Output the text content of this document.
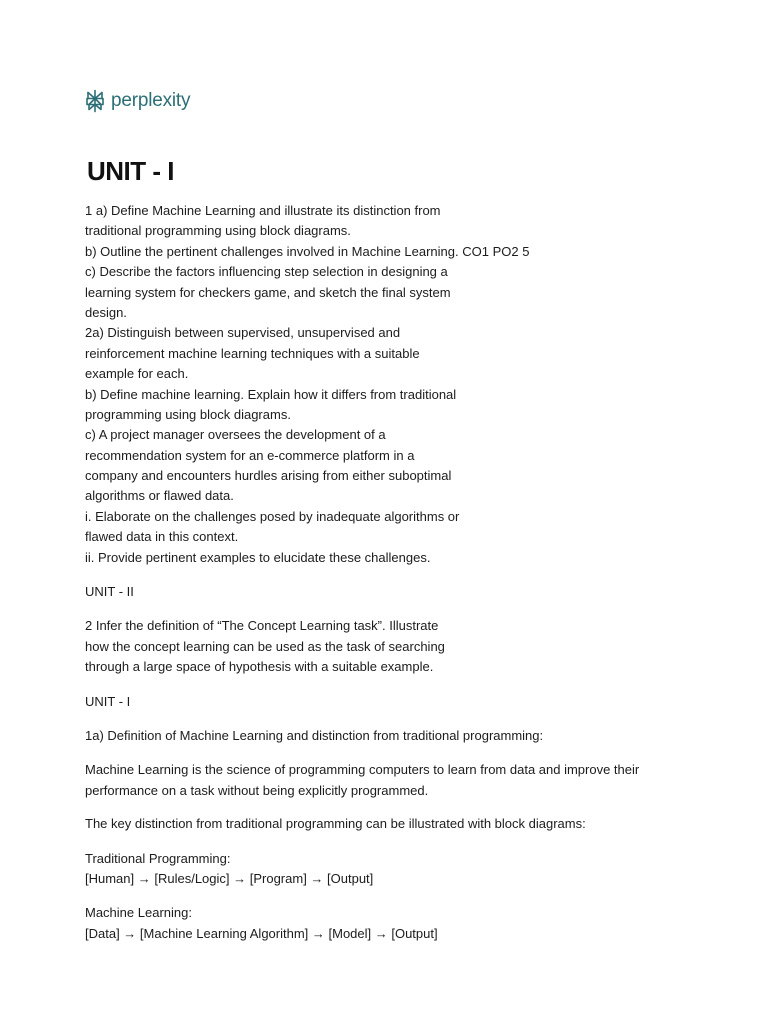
perplexity
UNIT - I

1 a) Define Machine Learning and illustrate its distinction from

traditional programming using block diagrams.

b) Outline the pertinent challenges involved in Machine Learning. CO1 PO2 5

c) Describe the factors influencing step selection in designing a

learning system for checkers game, and sketch the final system

design.

2a) Distinguish between supervised, unsupervised and

reinforcement machine learning techniques with a suitable

example for each.

b) Define machine learning. Explain how it differs from traditional

programming using block diagrams.

c) A project manager oversees the development of a

recommendation system for an e-commerce platform in a

company and encounters hurdles arising from either suboptimal

algorithms or flawed data.

i. Elaborate on the challenges posed by inadequate algorithms or

flawed data in this context.

ii. Provide pertinent examples to elucidate these challenges.

UNIT - II

2 Infer the definition of “The Concept Learning task”. Illustrate

how the concept learning can be used as the task of searching

through a large space of hypothesis with a suitable example.

UNIT - I

1a) Definition of Machine Learning and distinction from traditional programming:

Machine Learning is the science of programming computers to learn from data and improve their

performance on a task without being explicitly programmed.

The key distinction from traditional programming can be illustrated with block diagrams:

Traditional Programming:

[Human] → [Rules/Logic] → [Program] → [Output]

Machine Learning:

[Data] → [Machine Learning Algorithm] → [Model] → [Output]
